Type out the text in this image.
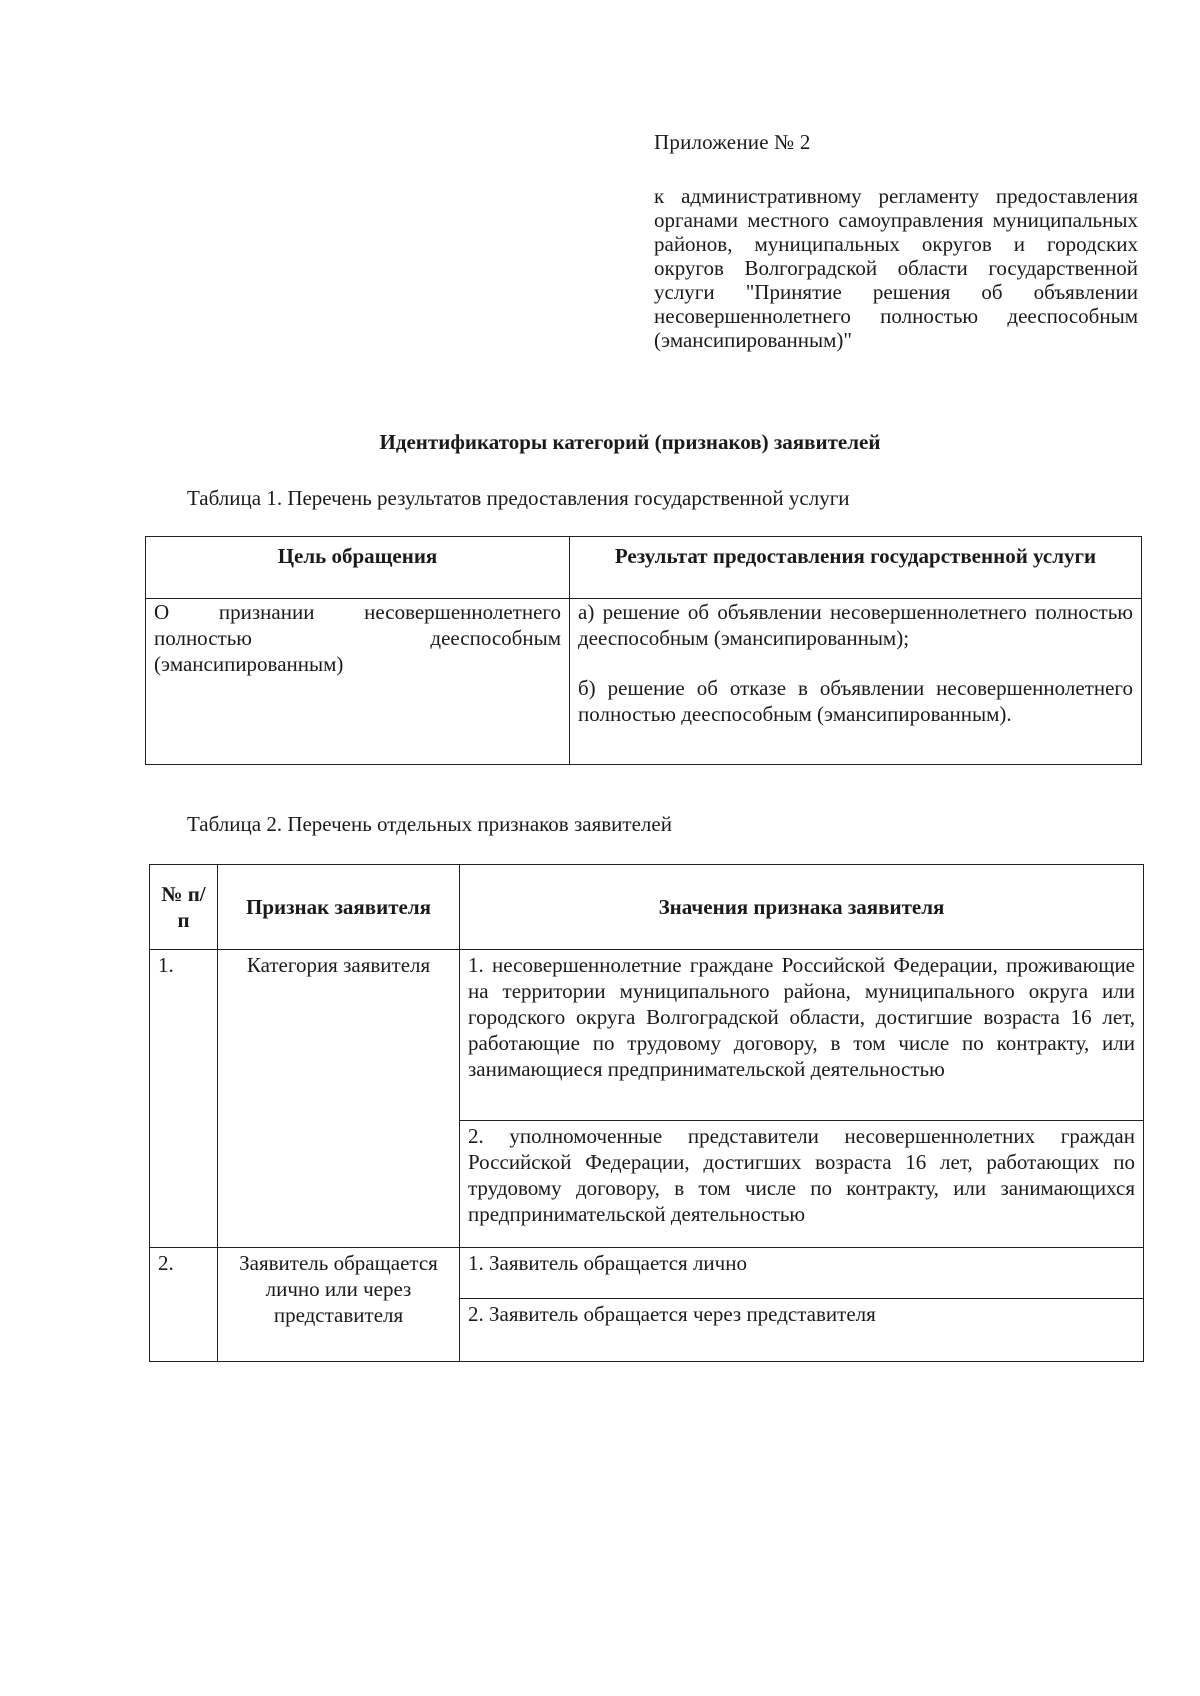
Приложение № 2
к административному регламенту предоставления органами местного самоуправления муниципальных районов, муниципальных округов и городских округов Волгоградской области государственной услуги "Принятие решения об объявлении несовершеннолетнего полностью дееспособным (эмансипированным)"
Идентификаторы категорий (признаков) заявителей
Таблица 1. Перечень результатов предоставления государственной услуги
Цель обращения	Результат предоставления государственной услуги

О признании несовершеннолетнего полностью дееспособным (эмансипированным)	а) решение об объявлении несовершеннолетнего полностью дееспособным (эмансипированным);
б) решение об отказе в объявлении несовершеннолетнего полностью дееспособным (эмансипированным).
Таблица 2. Перечень отдельных признаков заявителей
№ п/п	Признак заявителя	Значения признака заявителя
1.	Категория заявителя	1. несовершеннолетние граждане Российской Федерации, проживающие на территории муниципального района, муниципального округа или городского округа Волгоградской области, достигшие возраста 16 лет, работающие по трудовому договору, в том числе по контракту, или занимающиеся предпринимательской деятельностью

		2. уполномоченные представители несовершеннолетних граждан Российской Федерации, достигших возраста 16 лет, работающих по трудовому договору, в том числе по контракту, или занимающихся предпринимательской деятельностью

2.	Заявитель обращается лично или через представителя	1. Заявитель обращается лично

		2. Заявитель обращается через представителя
